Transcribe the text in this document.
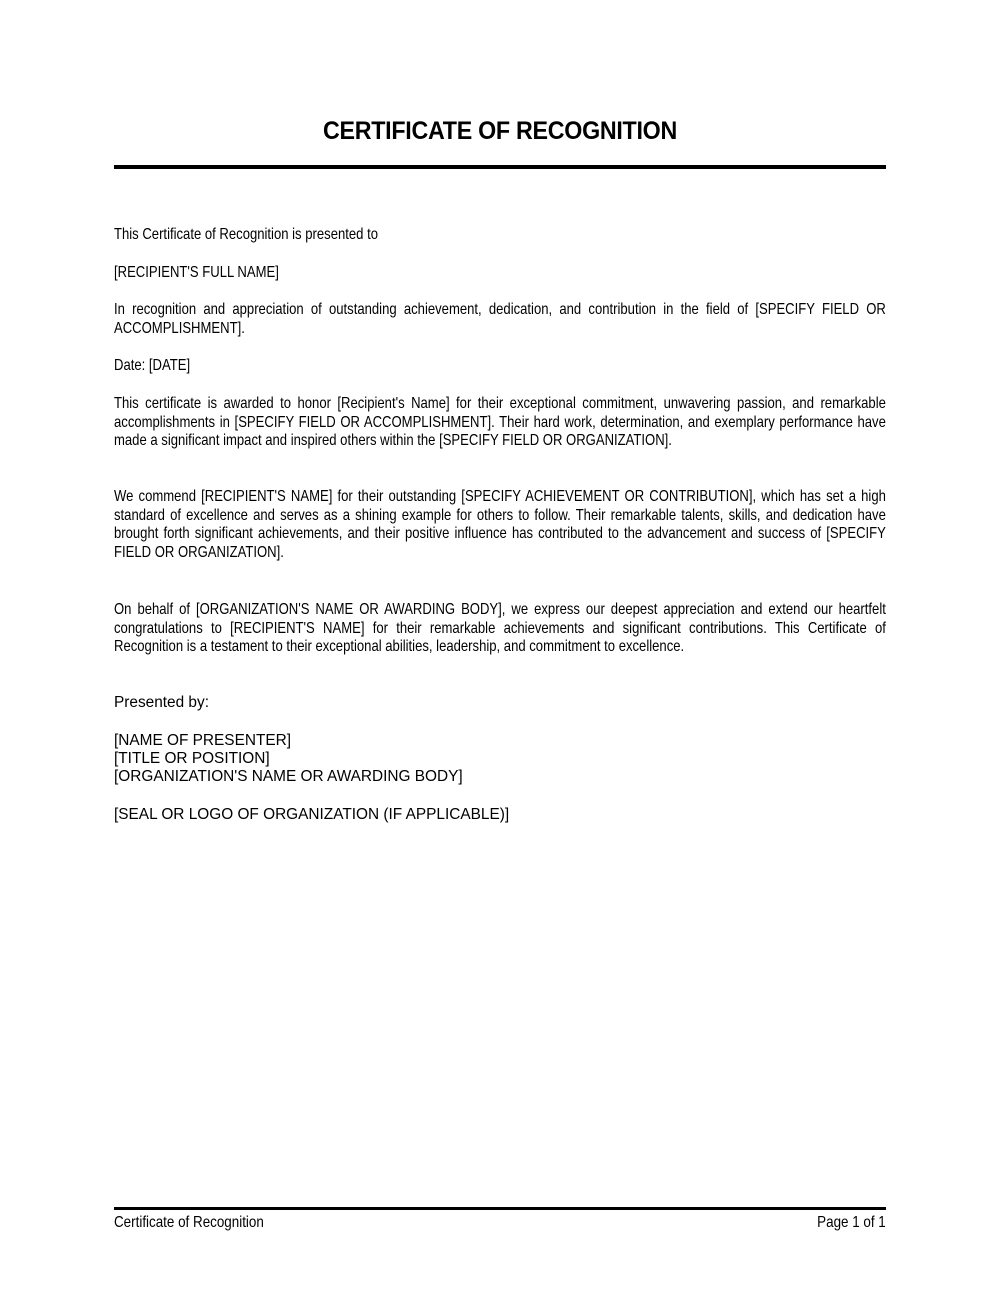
CERTIFICATE OF RECOGNITION

This Certificate of Recognition is presented to

[RECIPIENT'S FULL NAME]

In recognition and appreciation of outstanding achievement, dedication, and contribution in the field of [SPECIFY FIELD OR ACCOMPLISHMENT].

Date: [DATE]

This certificate is awarded to honor [Recipient's Name] for their exceptional commitment, unwavering passion, and remarkable accomplishments in [SPECIFY FIELD OR ACCOMPLISHMENT]. Their hard work, determination, and exemplary performance have made a significant impact and inspired others within the [SPECIFY FIELD OR ORGANIZATION].

We commend [RECIPIENT'S NAME] for their outstanding [SPECIFY ACHIEVEMENT OR CONTRIBUTION], which has set a high standard of excellence and serves as a shining example for others to follow. Their remarkable talents, skills, and dedication have brought forth significant achievements, and their positive influence has contributed to the advancement and success of [SPECIFY FIELD OR ORGANIZATION].

On behalf of [ORGANIZATION'S NAME OR AWARDING BODY], we express our deepest appreciation and extend our heartfelt congratulations to [RECIPIENT'S NAME] for their remarkable achievements and significant contributions. This Certificate of Recognition is a testament to their exceptional abilities, leadership, and commitment to excellence.

Presented by:

[NAME OF PRESENTER]

[TITLE OR POSITION]

[ORGANIZATION'S NAME OR AWARDING BODY]

[SEAL OR LOGO OF ORGANIZATION (IF APPLICABLE)]

Certificate of Recognition	Page 1 of 1
